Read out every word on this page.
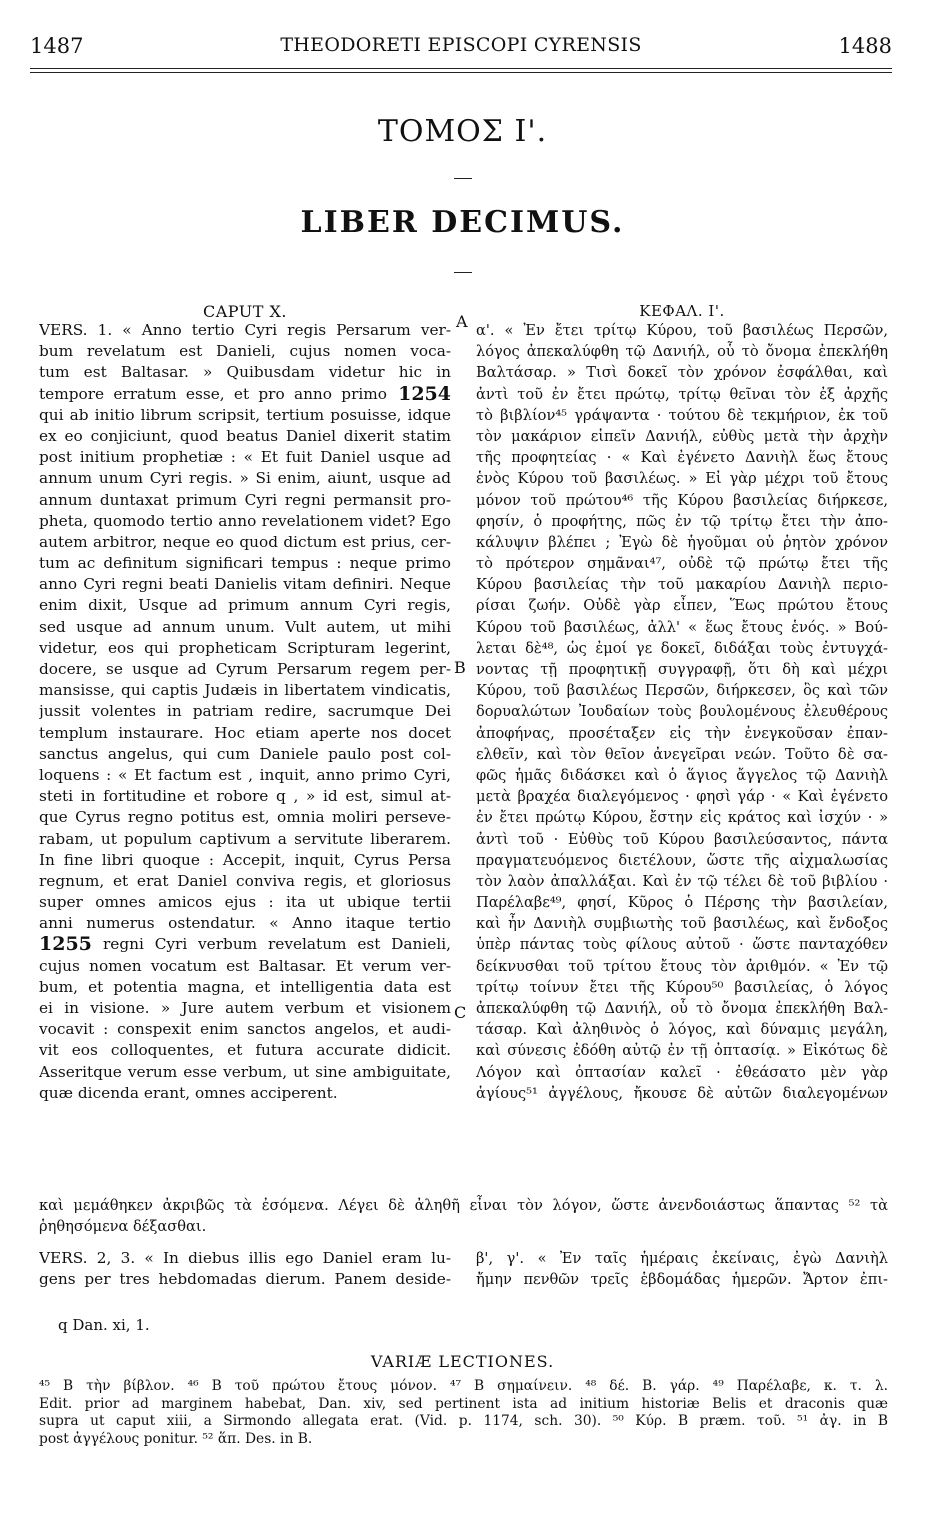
1487	THEODORETI EPISCOPI CYRENSIS	1488
ΤΟΜΟΣ Ι'.
LIBER DECIMUS.
CAPUT X.	ΚΕΦΑΛ. Ι'.
A
B
C
VERS. 1. « Anno tertio Cyri regis Persarum ver-
bum revelatum est Danieli, cujus nomen voca-
tum est Baltasar. » Quibusdam videtur hic in
tempore erratum esse, et pro anno primo 1254
qui ab initio librum scripsit, tertium posuisse, idque
ex eo conjiciunt, quod beatus Daniel dixerit statim
post initium prophetiæ : « Et fuit Daniel usque ad
annum unum Cyri regis. » Si enim, aiunt, usque ad
annum duntaxat primum Cyri regni permansit pro-
pheta, quomodo tertio anno revelationem videt? Ego
autem arbitror, neque eo quod dictum est prius, cer-
tum ac definitum significari tempus : neque primo
anno Cyri regni beati Danielis vitam definiri. Neque
enim dixit, Usque ad primum annum Cyri regis,
sed usque ad annum unum. Vult autem, ut mihi
videtur, eos qui propheticam Scripturam legerint,
docere, se usque ad Cyrum Persarum regem per-
mansisse, qui captis Judæis in libertatem vindicatis,
jussit volentes in patriam redire, sacrumque Dei
templum instaurare. Hoc etiam aperte nos docet
sanctus angelus, qui cum Daniele paulo post col-
loquens : « Et factum est , inquit, anno primo Cyri,
steti in fortitudine et robore q , » id est, simul at-
que Cyrus regno potitus est, omnia moliri perseve-
rabam, ut populum captivum a servitute liberarem.
In fine libri quoque : Accepit, inquit, Cyrus Persa
regnum, et erat Daniel conviva regis, et gloriosus
super omnes amicos ejus : ita ut ubique tertii
anni numerus ostendatur. « Anno itaque tertio
1255 regni Cyri verbum revelatum est Danieli,
cujus nomen vocatum est Baltasar. Et verum ver-
bum, et potentia magna, et intelligentia data est
ei in visione. » Jure autem verbum et visionem
vocavit : conspexit enim sanctos angelos, et audi-
vit eos colloquentes, et futura accurate didicit.
Asseritque verum esse verbum, ut sine ambiguitate,
quæ dicenda erant, omnes acciperent.
α'. « Ἐν ἔτει τρίτῳ Κύρου, τοῦ βασιλέως Περσῶν,
λόγος ἀπεκαλύφθη τῷ Δανιήλ, οὗ τὸ ὄνομα ἐπεκλήθη
Βαλτάσαρ. » Τισὶ δοκεῖ τὸν χρόνον ἐσφάλθαι, καὶ
ἀντὶ τοῦ ἐν ἔτει πρώτῳ, τρίτῳ θεῖναι τὸν ἐξ ἀρχῆς
τὸ βιβλίον⁴⁵ γράψαντα · τούτου δὲ τεκμήριον, ἐκ τοῦ
τὸν μακάριον εἰπεῖν Δανιήλ, εὐθὺς μετὰ τὴν ἀρχὴν
τῆς προφητείας · « Καὶ ἐγένετο Δανιὴλ ἕως ἔτους
ἑνὸς Κύρου τοῦ βασιλέως. » Εἰ γὰρ μέχρι τοῦ ἔτους
μόνον τοῦ πρώτου⁴⁶ τῆς Κύρου βασιλείας διήρκεσε,
φησίν, ὁ προφήτης, πῶς ἐν τῷ τρίτῳ ἔτει τὴν ἀπο-
κάλυψιν βλέπει ; Ἐγὼ δὲ ἡγοῦμαι οὐ ῥητὸν χρόνον
τὸ πρότερον σημᾶναι⁴⁷, οὐδὲ τῷ πρώτῳ ἔτει τῆς
Κύρου βασιλείας τὴν τοῦ μακαρίου Δανιὴλ περιο-
ρίσαι ζωήν. Οὐδὲ γὰρ εἶπεν, Ἕως πρώτου ἔτους
Κύρου τοῦ βασιλέως, ἀλλ' « ἕως ἔτους ἑνός. » Βού-
λεται δὲ⁴⁸, ὡς ἐμοί γε δοκεῖ, διδάξαι τοὺς ἐντυγχά-
νοντας τῇ προφητικῇ συγγραφῇ, ὅτι δὴ καὶ μέχρι
Κύρου, τοῦ βασιλέως Περσῶν, διήρκεσεν, ὃς καὶ τῶν
δορυαλώτων Ἰουδαίων τοὺς βουλομένους ἐλευθέρους
ἀποφήνας, προσέταξεν εἰς τὴν ἐνεγκοῦσαν ἐπαν-
ελθεῖν, καὶ τὸν θεῖον ἀνεγεῖραι νεών. Τοῦτο δὲ σα-
φῶς ἡμᾶς διδάσκει καὶ ὁ ἅγιος ἄγγελος τῷ Δανιὴλ
μετὰ βραχέα διαλεγόμενος · φησὶ γάρ · « Καὶ ἐγένετο
ἐν ἔτει πρώτῳ Κύρου, ἔστην εἰς κράτος καὶ ἰσχύν · »
ἀντὶ τοῦ · Εὐθὺς τοῦ Κύρου βασιλεύσαντος, πάντα
πραγματευόμενος διετέλουν, ὥστε τῆς αἰχμαλωσίας
τὸν λαὸν ἀπαλλάξαι. Καὶ ἐν τῷ τέλει δὲ τοῦ βιβλίου ·
Παρέλαβε⁴⁹, φησί, Κῦρος ὁ Πέρσης τὴν βασιλείαν,
καὶ ἦν Δανιὴλ συμβιωτὴς τοῦ βασιλέως, καὶ ἔνδοξος
ὑπὲρ πάντας τοὺς φίλους αὐτοῦ · ὥστε πανταχόθεν
δείκνυσθαι τοῦ τρίτου ἔτους τὸν ἀριθμόν. « Ἐν τῷ
τρίτῳ τοίνυν ἔτει τῆς Κύρου⁵⁰ βασιλείας, ὁ λόγος
ἀπεκαλύφθη τῷ Δανιήλ, οὗ τὸ ὄνομα ἐπεκλήθη Βαλ-
τάσαρ. Καὶ ἀληθινὸς ὁ λόγος, καὶ δύναμις μεγάλη,
καὶ σύνεσις ἐδόθη αὐτῷ ἐν τῇ ὀπτασίᾳ. » Εἰκότως δὲ
Λόγον καὶ ὀπτασίαν καλεῖ · ἐθεάσατο μὲν γὰρ
ἁγίους⁵¹ ἀγγέλους, ἤκουσε δὲ αὐτῶν διαλεγομένων
καὶ μεμάθηκεν ἀκριβῶς τὰ ἐσόμενα. Λέγει δὲ ἀληθῆ εἶναι τὸν λόγον, ὥστε ἀνενδοιάστως ἅπαντας ⁵² τὰ
ῥηθησόμενα δέξασθαι.
VERS. 2, 3. « In diebus illis ego Daniel eram lu-
gens per tres hebdomadas dierum. Panem deside-
β', γ'. « Ἐν ταῖς ἡμέραις ἐκείναις, ἐγὼ Δανιὴλ
ἤμην πενθῶν τρεῖς ἑβδομάδας ἡμερῶν. Ἄρτον ἐπι-
q Dan. xi, 1.
VARIÆ LECTIONES.
⁴⁵ B τὴν βίβλον. ⁴⁶ B τοῦ πρώτου ἔτους μόνον. ⁴⁷ B σημαίνειν. ⁴⁸ δέ. B. γάρ. ⁴⁹ Παρέλαβε, κ. τ. λ.
Edit. prior ad marginem habebat, Dan. xiv, sed pertinent ista ad initium historiæ Belis et draconis quæ
supra ut caput xiii, a Sirmondo allegata erat. (Vid. p. 1174, sch. 30). ⁵⁰ Κύρ. B præm. τοῦ. ⁵¹ ἀγ. in B
post ἀγγέλους ponitur. ⁵² ἅπ. Des. in B.
